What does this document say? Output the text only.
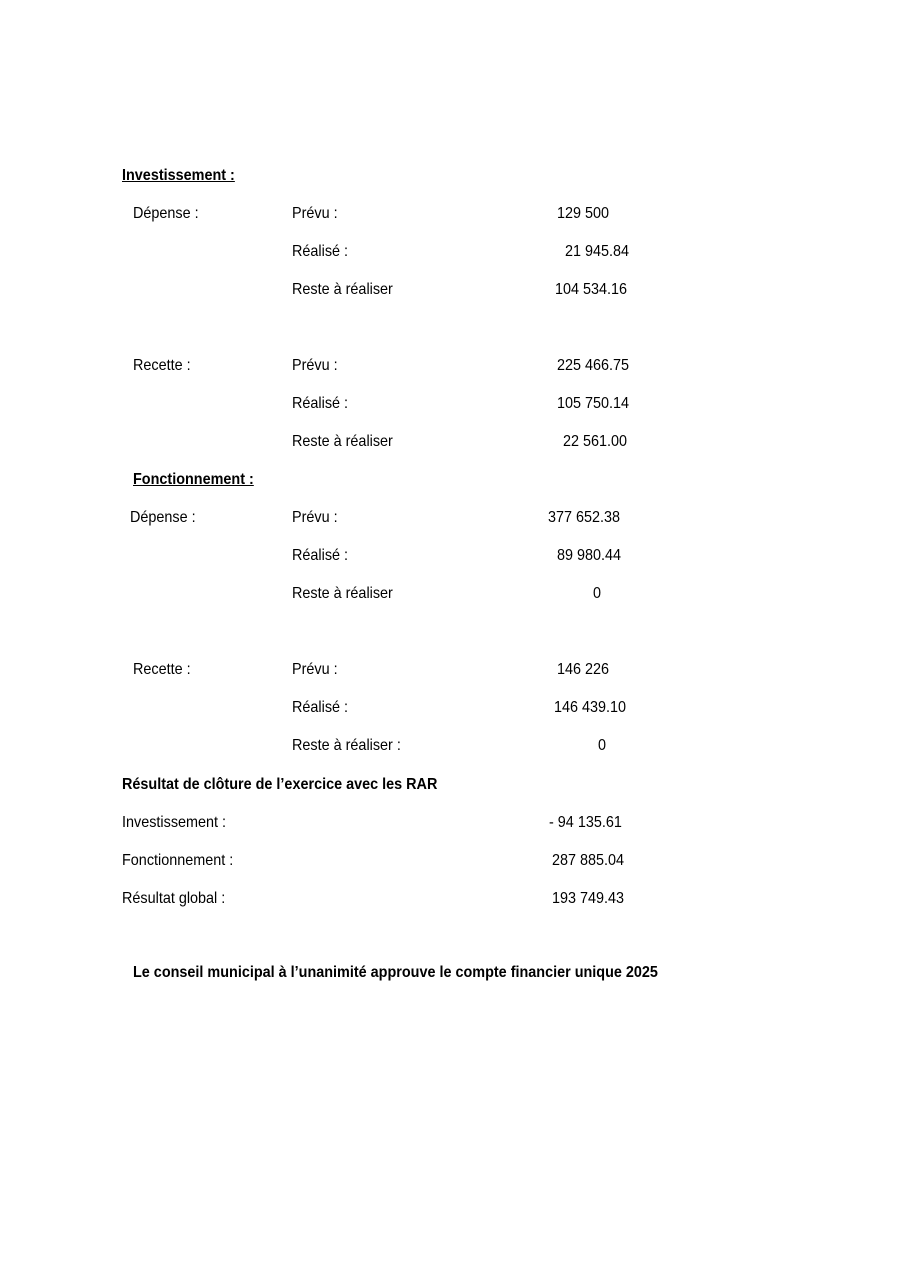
Investissement :
Dépense :	Prévu :	129 500
Réalisé :	21 945.84
Reste à réaliser	104 534.16
Recette :	Prévu :	225 466.75
Réalisé :	105 750.14
Reste à réaliser	22 561.00
Fonctionnement :
Dépense :	Prévu :	377 652.38
Réalisé :	89 980.44
Reste à réaliser	0
Recette :	Prévu :	146 226
Réalisé :	146 439.10
Reste à réaliser :	0
Résultat de clôture de l’exercice avec les RAR
Investissement :	- 94 135.61
Fonctionnement :	287 885.04
Résultat global :	193 749.43
Le conseil municipal à l’unanimité approuve le compte financier unique 2025
